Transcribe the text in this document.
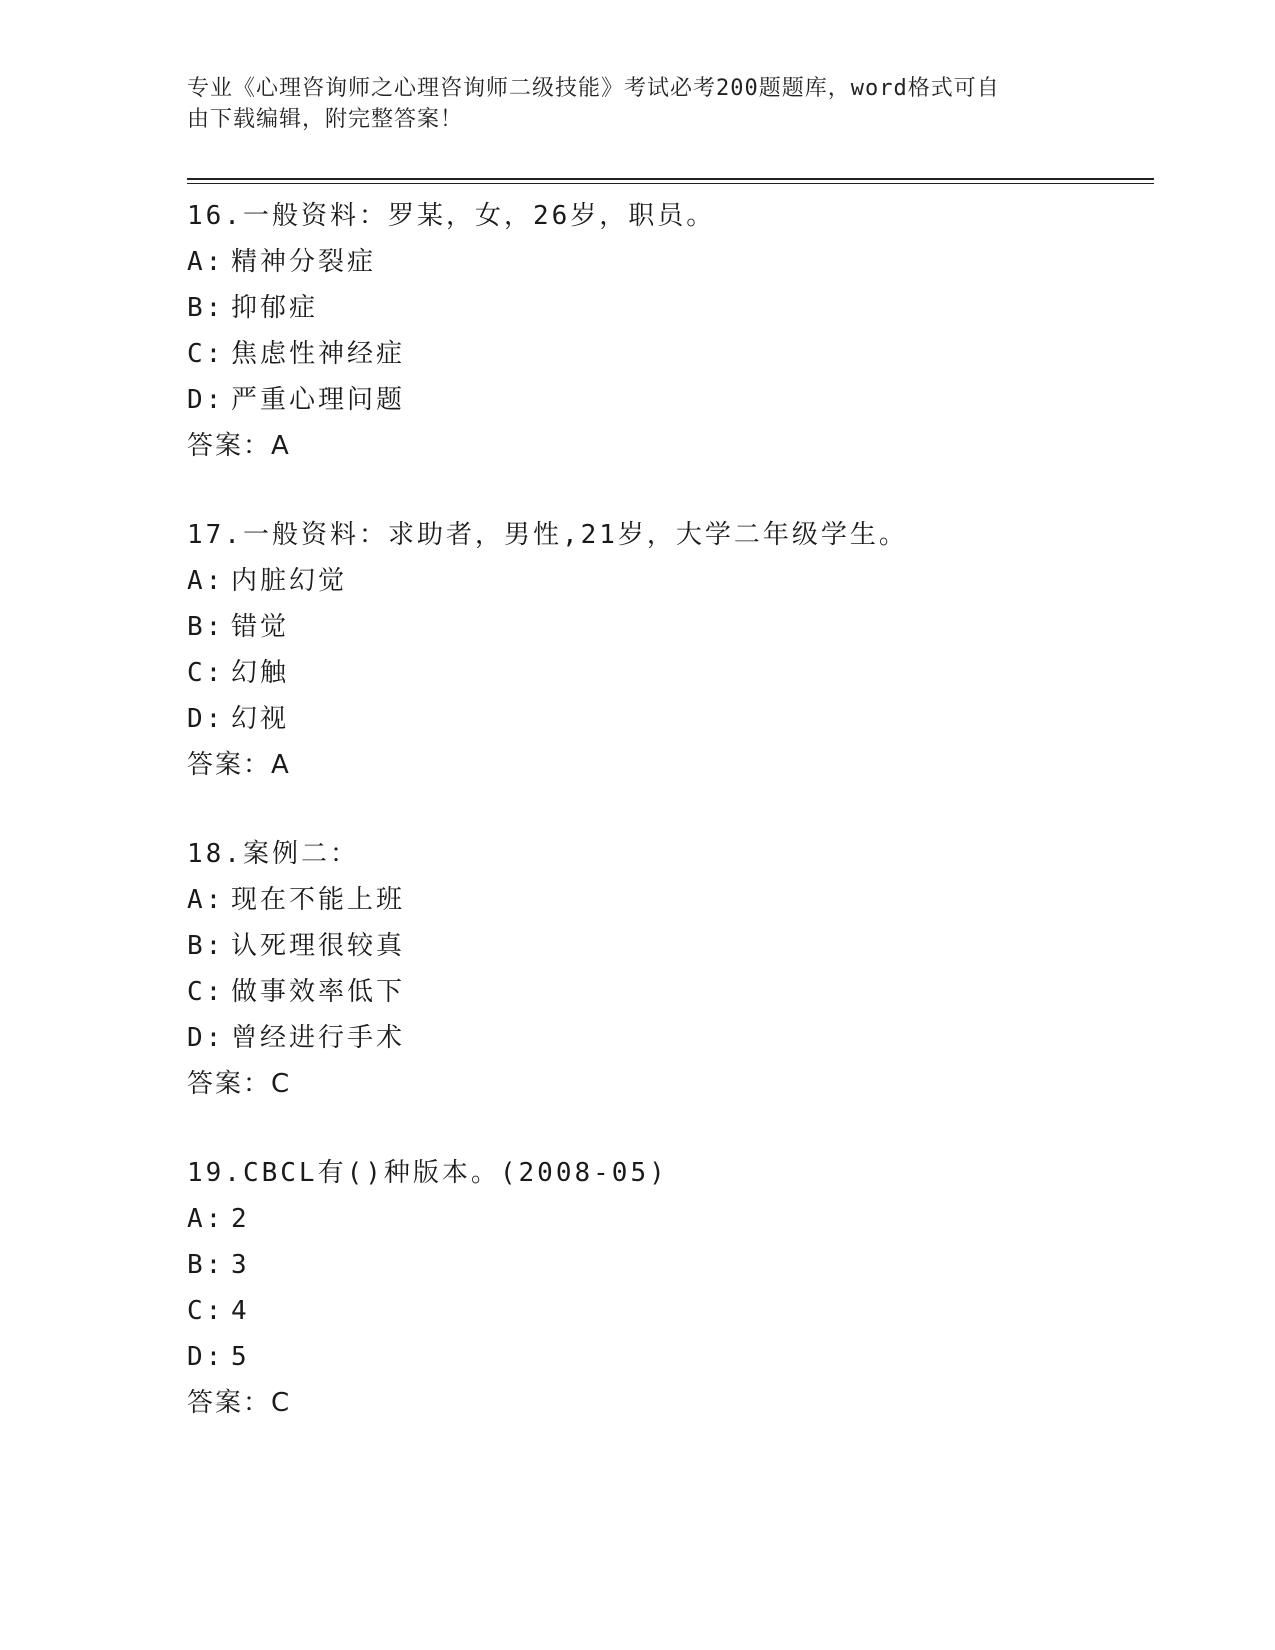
专业《心理咨询师之心理咨询师二级技能》考试必考200题题库，word格式可自
由下载编辑，附完整答案！
16.一般资料：罗某，女，26岁，职员。
A: 精神分裂症
B: 抑郁症
C: 焦虑性神经症
D: 严重心理问题
答案：A
17.一般资料：求助者，男性,21岁，大学二年级学生。
A: 内脏幻觉
B: 错觉
C: 幻触
D: 幻视
答案：A
18.案例二：
A: 现在不能上班
B: 认死理很较真
C: 做事效率低下
D: 曾经进行手术
答案：C
19.CBCL有()种版本。(2008-05)
A: 2
B: 3
C: 4
D: 5
答案：C
